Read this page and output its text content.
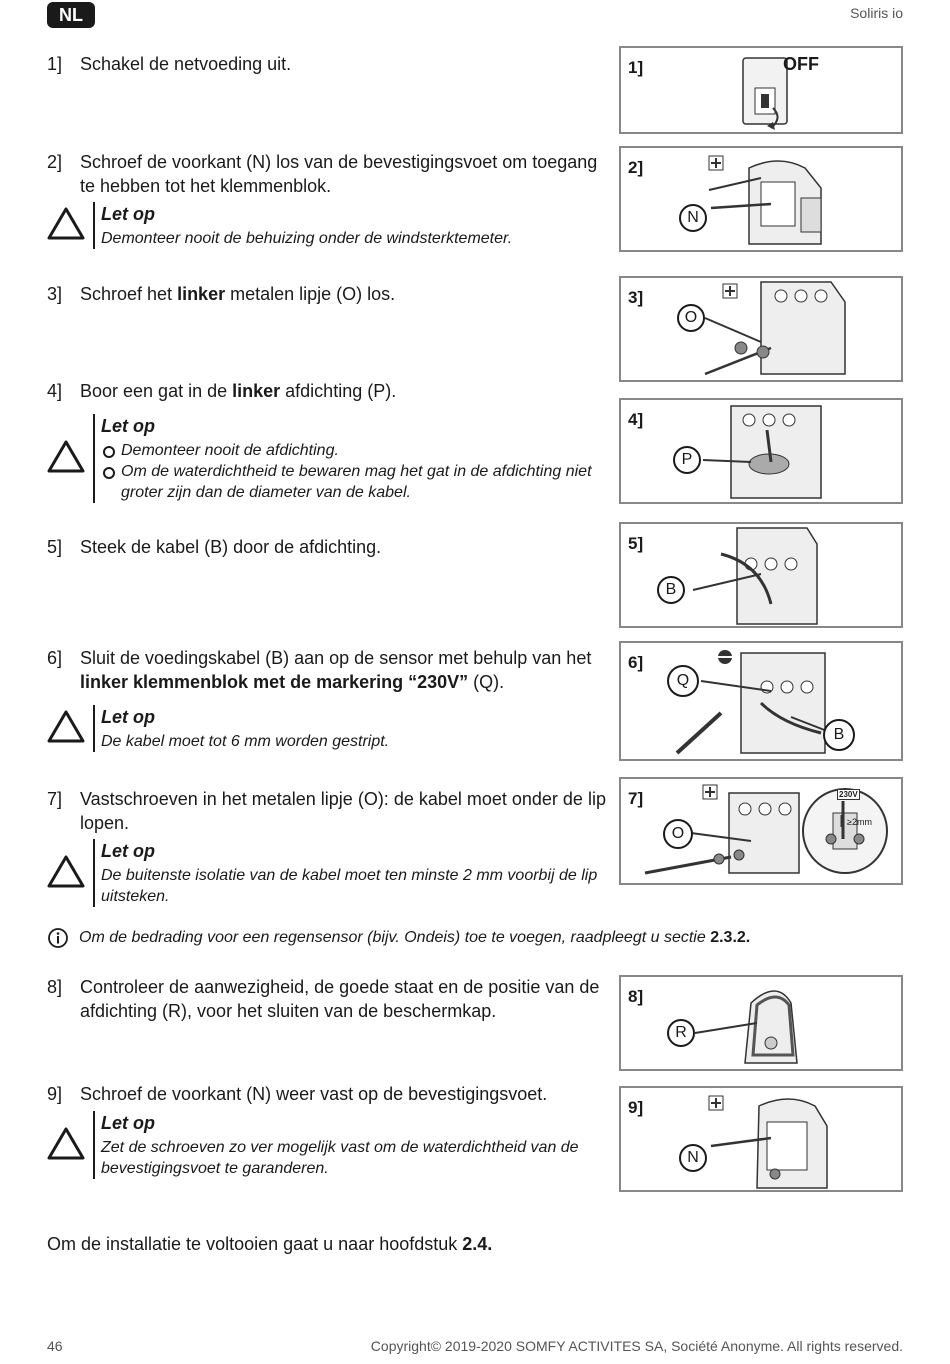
NL	Soliris io
1] Schakel de netvoeding uit.
2] Schroef de voorkant (N) los van de bevestigingsvoet om toegang te hebben tot het klemmenblok.
Let op
Demonteer nooit de behuizing onder de windsterktemeter.
3] Schroef het linker metalen lipje (O) los.
4] Boor een gat in de linker afdichting (P).
Let op
Demonteer nooit de afdichting.
Om de waterdichtheid te bewaren mag het gat in de afdichting niet groter zijn dan de diameter van de kabel.
5] Steek de kabel (B) door de afdichting.
6] Sluit de voedingskabel (B) aan op de sensor met behulp van het linker klemmenblok met de markering “230V” (Q).
Let op
De kabel moet tot 6 mm worden gestript.
7] Vastschroeven in het metalen lipje (O): de kabel moet onder de lip lopen.
Let op
De buitenste isolatie van de kabel moet ten minste 2 mm voorbij de lip uitsteken.
Om de bedrading voor een regensensor (bijv. Ondeis) toe te voegen, raadpleegt u sectie
2.3.2.
8] Controleer de aanwezigheid, de goede staat en de positie van de afdichting (R), voor het sluiten van de beschermkap.
9] Schroef de voorkant (N) weer vast op de bevestigingsvoet.
Let op
Zet de schroeven zo ver mogelijk vast om de waterdichtheid van de bevestigingsvoet te garanderen.
1]	OFF
2]
N
3]
O
4]
P
5]
B
6]
Q
B
7]	230V
≥2mm
O
8]
R
9]
N
Om de installatie te voltooien gaat u naar hoofdstuk 2.4.
46	Copyright© 2019-2020 SOMFY ACTIVITES SA, Société Anonyme. All rights reserved.
